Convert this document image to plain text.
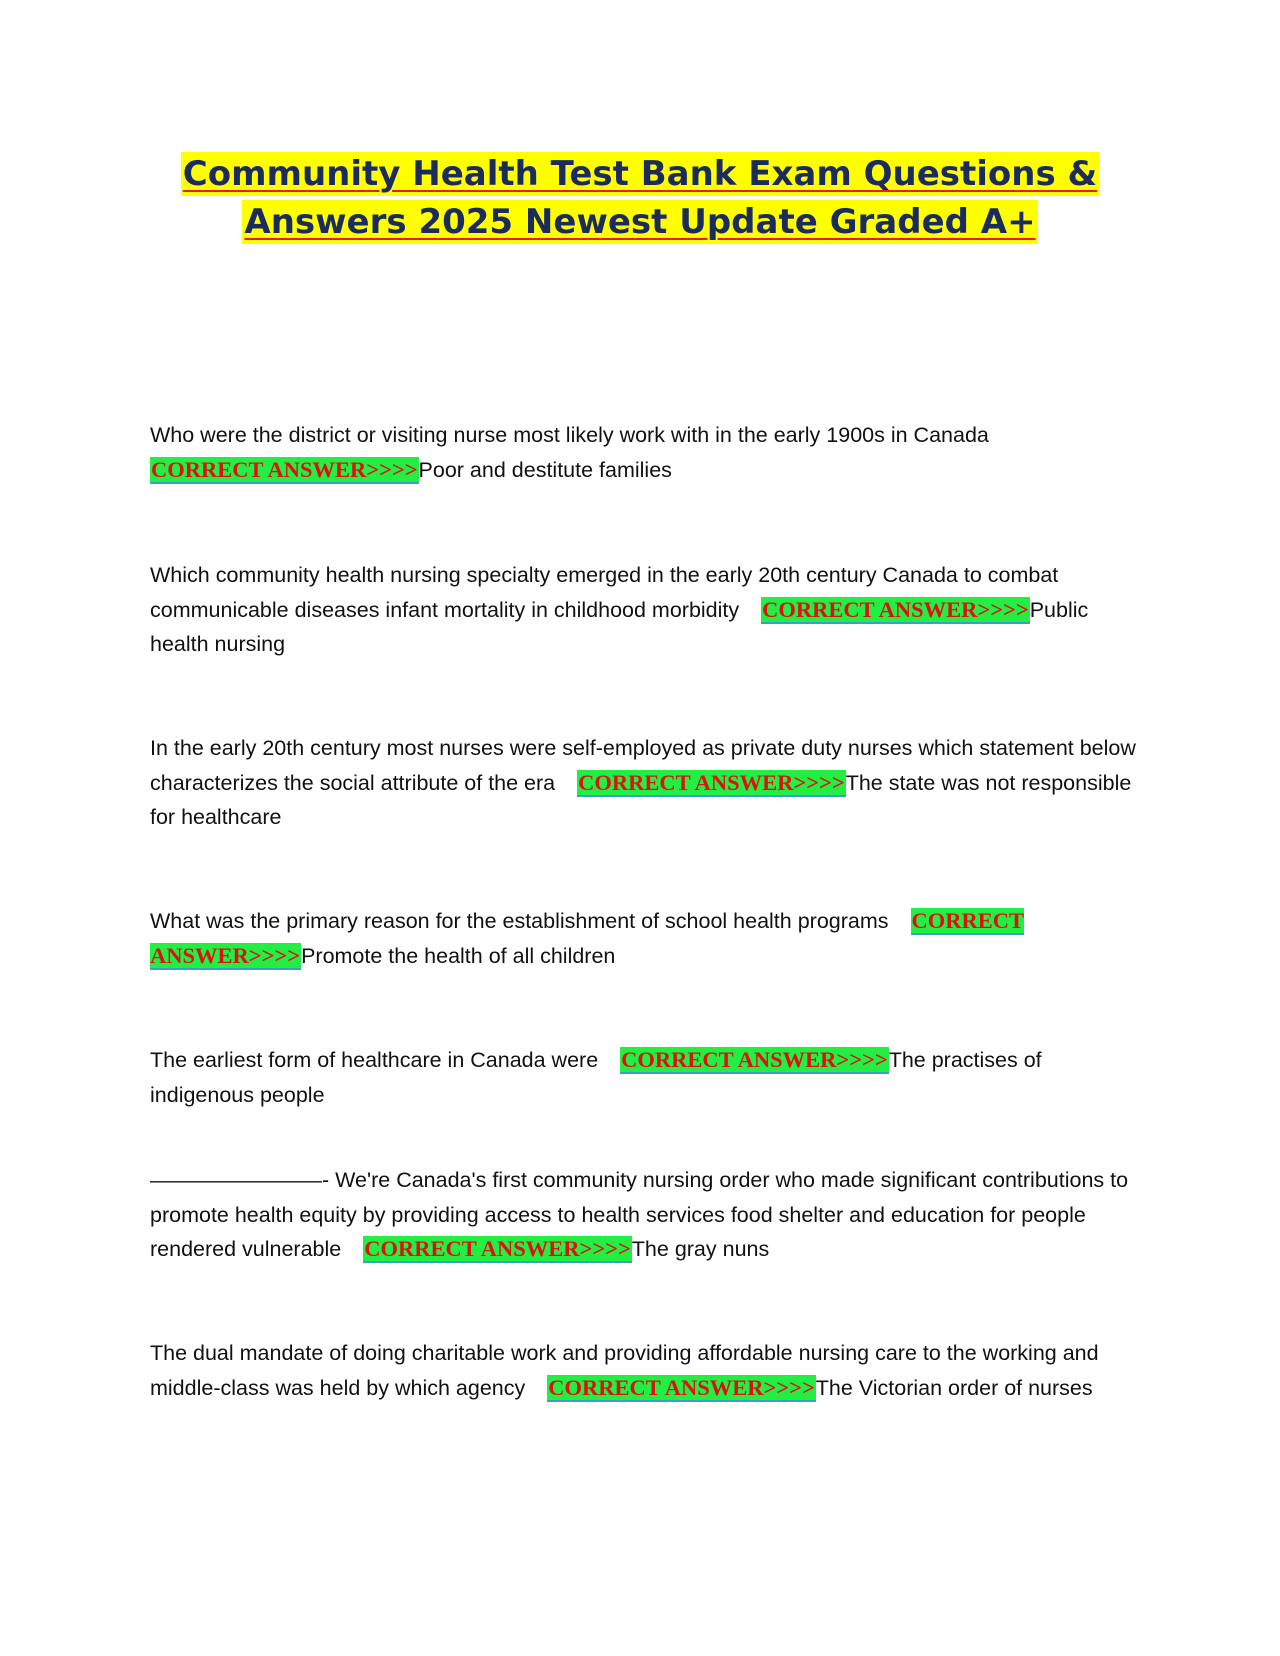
Community Health Test Bank Exam Questions &
Answers 2025 Newest Update Graded A+
Who were the district or visiting nurse most likely work with in the early 1900s in Canada
CORRECT ANSWER>>>>Poor and destitute families
Which community health nursing specialty emerged in the early 20th century Canada to combat communicable diseases infant mortality in childhood morbidity CORRECT ANSWER>>>>Public health nursing
In the early 20th century most nurses were self-employed as private duty nurses which statement below characterizes the social attribute of the era CORRECT ANSWER>>>>The state was not responsible for healthcare
What was the primary reason for the establishment of school health programs CORRECT ANSWER>>>>Promote the health of all children
The earliest form of healthcare in Canada were CORRECT ANSWER>>>>The practises of indigenous people
————————- We're Canada's first community nursing order who made significant contributions to promote health equity by providing access to health services food shelter and education for people rendered vulnerable CORRECT ANSWER>>>>The gray nuns
The dual mandate of doing charitable work and providing affordable nursing care to the working and middle-class was held by which agency CORRECT ANSWER>>>>The Victorian order of nurses
